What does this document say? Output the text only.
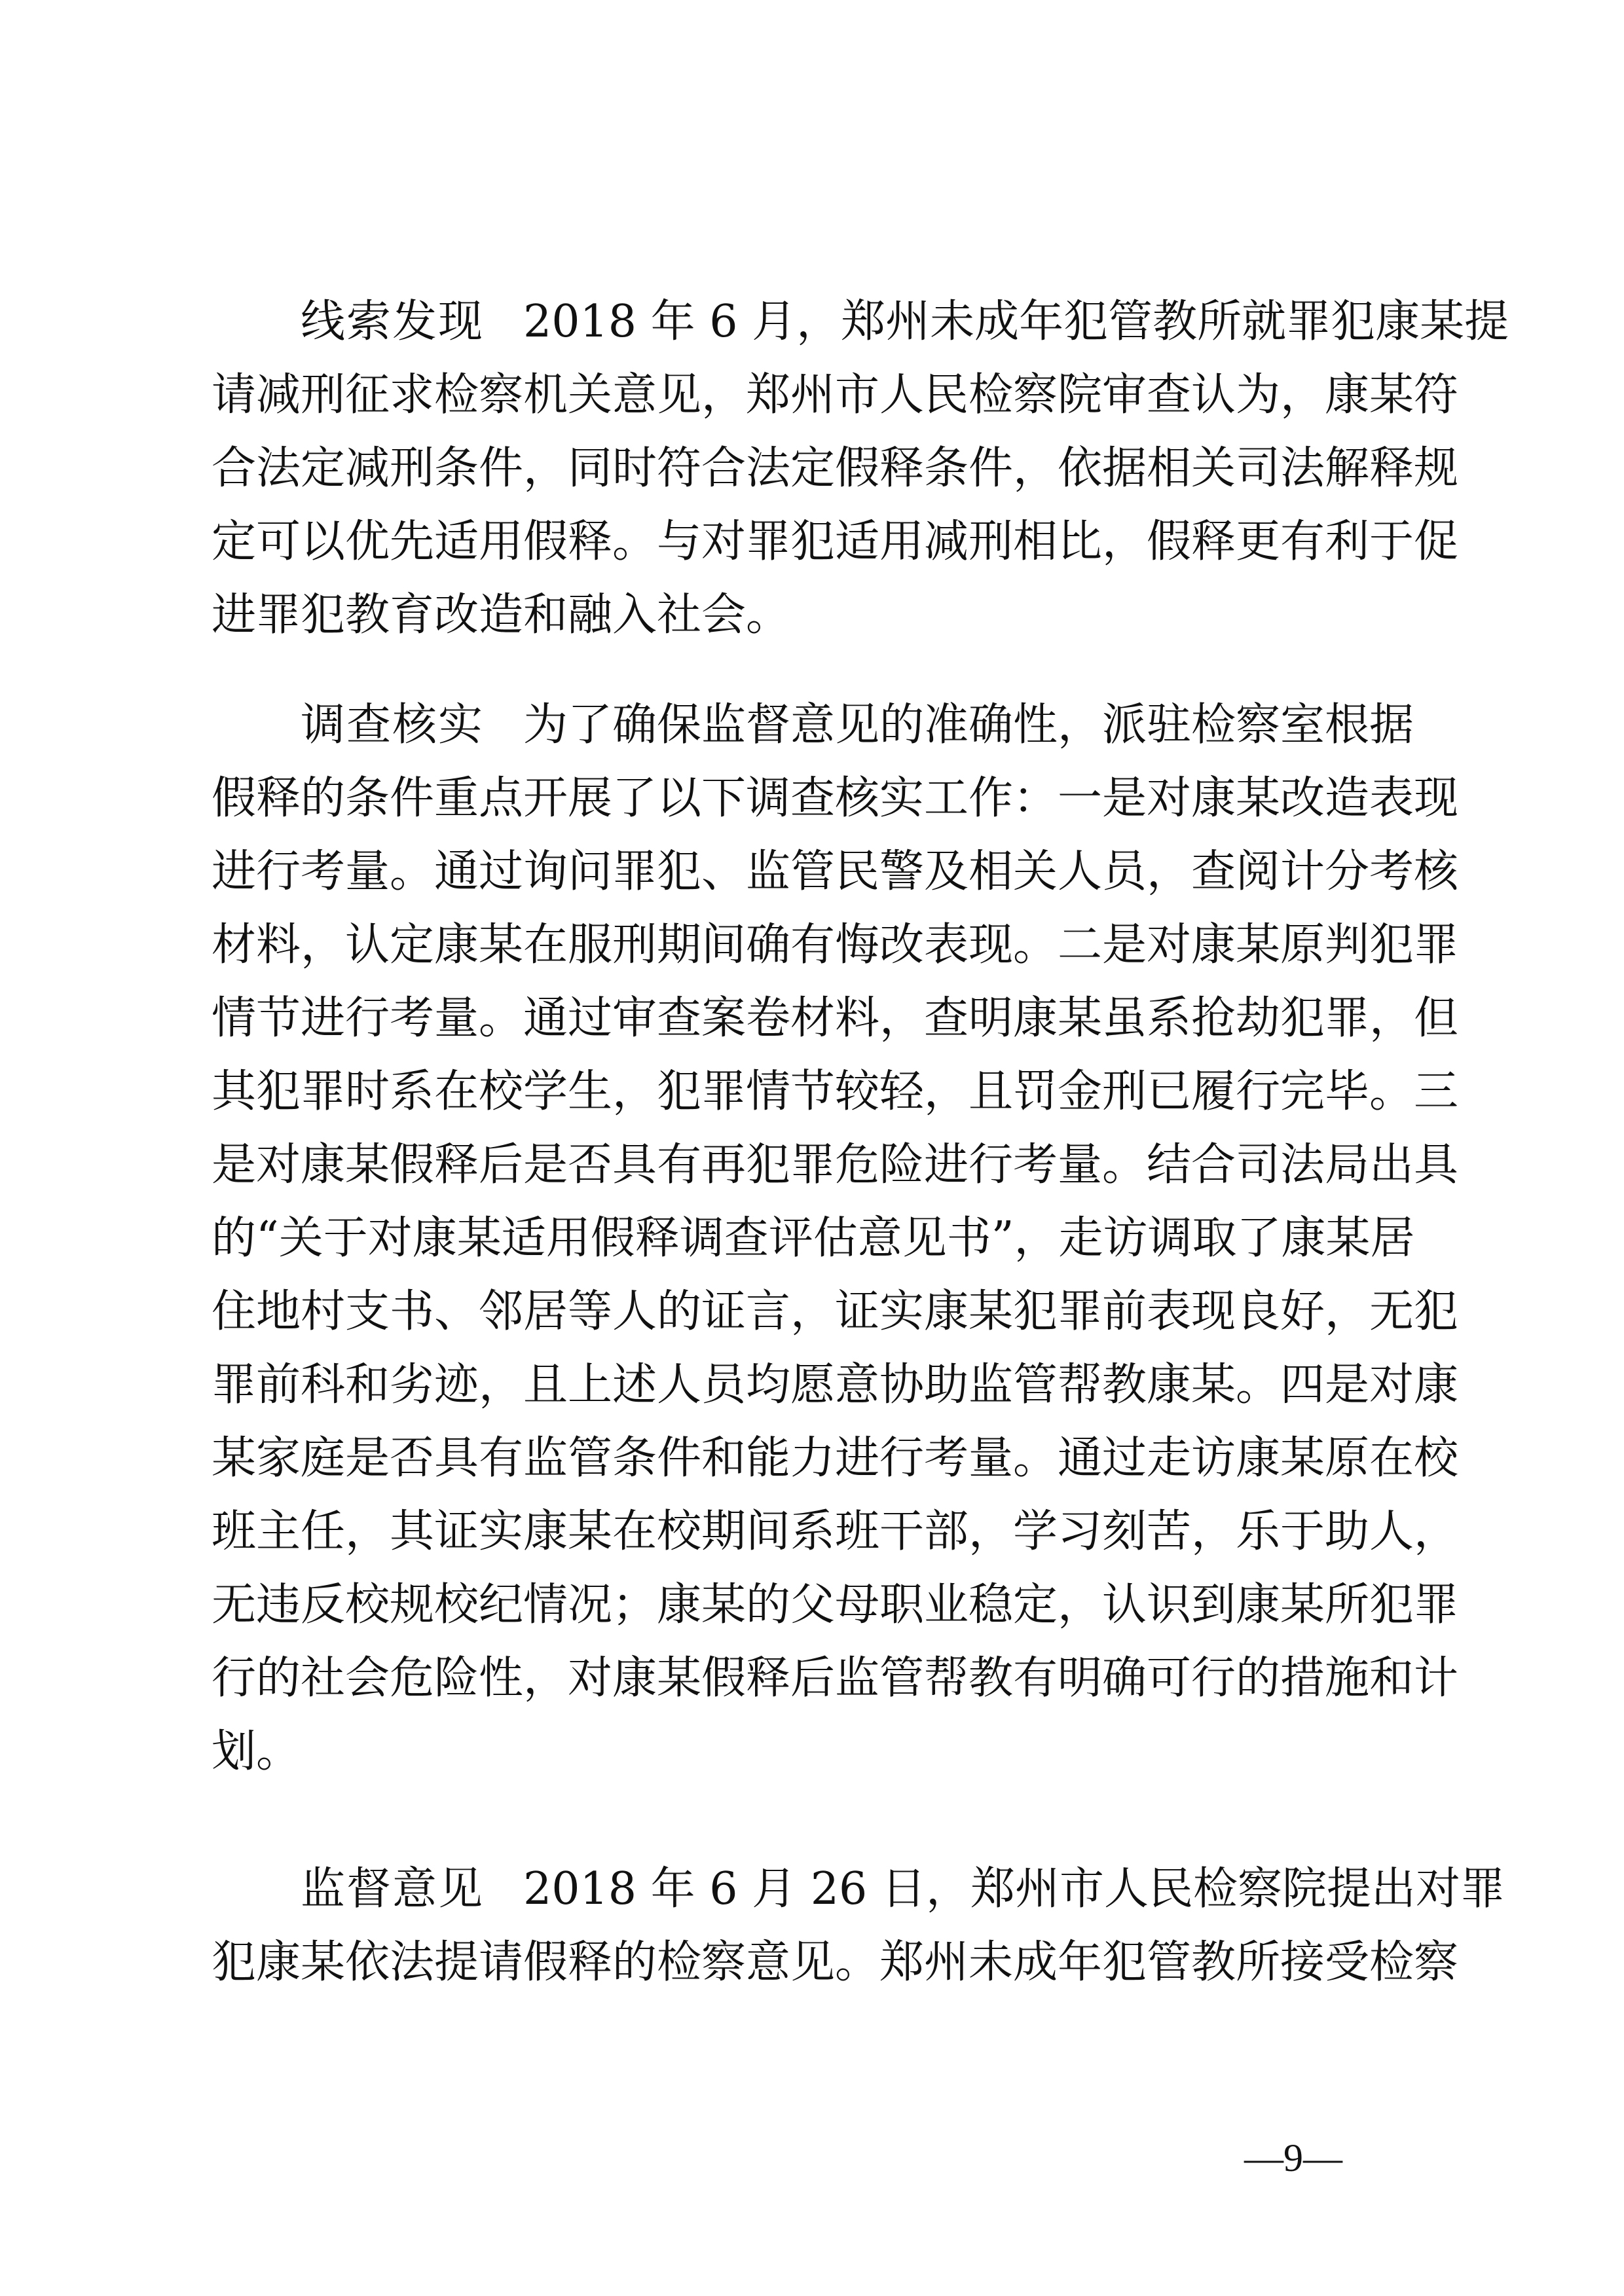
线索发现 2018 年 6 月，郑州未成年犯管教所就罪犯康某提
请减刑征求检察机关意见，郑州市人民检察院审查认为，康某符
合法定减刑条件，同时符合法定假释条件，依据相关司法解释规
定可以优先适用假释。与对罪犯适用减刑相比，假释更有利于促
进罪犯教育改造和融入社会。
调查核实 为了确保监督意见的准确性，派驻检察室根据
假释的条件重点开展了以下调查核实工作：一是对康某改造表现
进行考量。通过询问罪犯、监管民警及相关人员，查阅计分考核
材料，认定康某在服刑期间确有悔改表现。二是对康某原判犯罪
情节进行考量。通过审查案卷材料，查明康某虽系抢劫犯罪，但
其犯罪时系在校学生，犯罪情节较轻，且罚金刑已履行完毕。三
是对康某假释后是否具有再犯罪危险进行考量。结合司法局出具
的“关于对康某适用假释调查评估意见书”，走访调取了康某居
住地村支书、邻居等人的证言，证实康某犯罪前表现良好，无犯
罪前科和劣迹，且上述人员均愿意协助监管帮教康某。四是对康
某家庭是否具有监管条件和能力进行考量。通过走访康某原在校
班主任，其证实康某在校期间系班干部，学习刻苦，乐于助人，
无违反校规校纪情况；康某的父母职业稳定，认识到康某所犯罪
行的社会危险性，对康某假释后监管帮教有明确可行的措施和计
划。
监督意见 2018 年 6 月 26 日，郑州市人民检察院提出对罪
犯康某依法提请假释的检察意见。郑州未成年犯管教所接受检察
—9—
